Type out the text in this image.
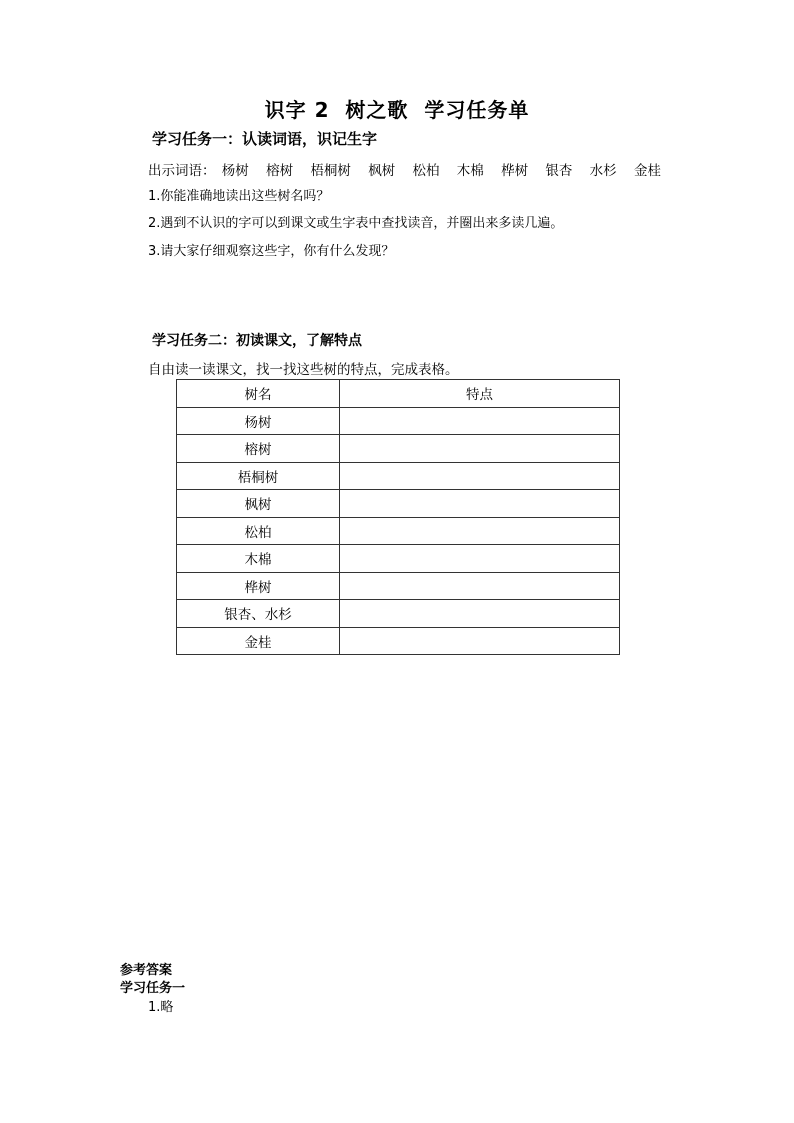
识字 2  树之歌  学习任务单
学习任务一：认读词语，识记生字
出示词语： 杨树 榕树 梧桐树 枫树 松柏 木棉 桦树 银杏 水杉 金桂
1.你能准确地读出这些树名吗？
2.遇到不认识的字可以到课文或生字表中查找读音，并圈出来多读几遍。
3.请大家仔细观察这些字，你有什么发现？
学习任务二：初读课文，了解特点
自由读一读课文，找一找这些树的特点，完成表格。
树名	特点
杨树	
榕树	
梧桐树	
枫树	
松柏	
木棉	
桦树	
银杏、水杉	
金桂	
参考答案
学习任务一
1.略
